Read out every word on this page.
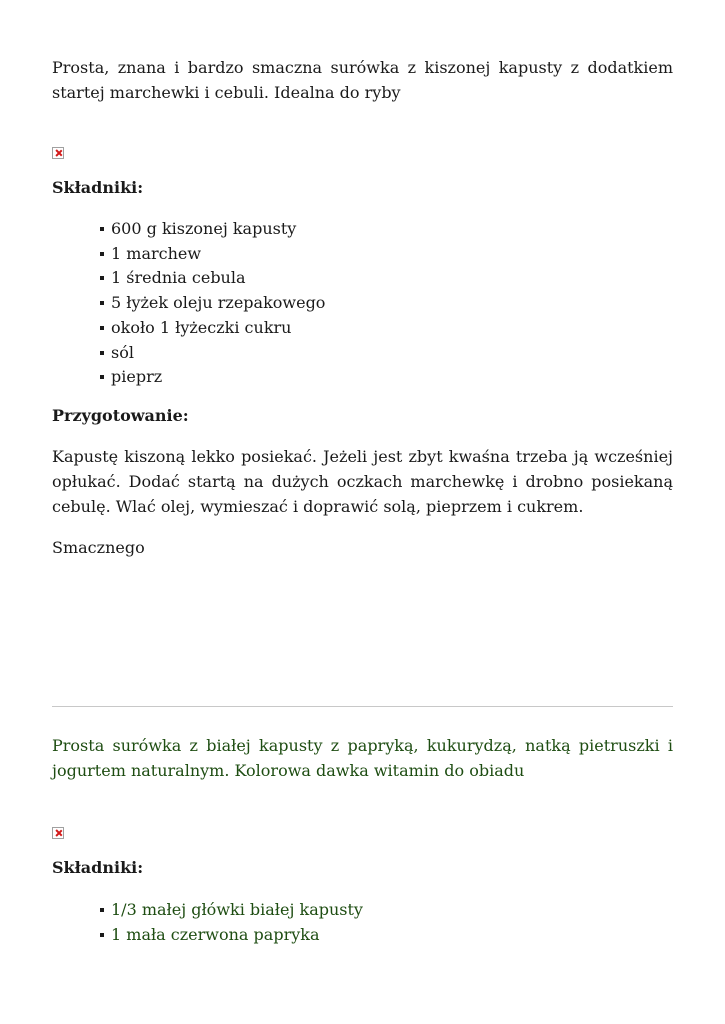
Prosta, znana i bardzo smaczna surówka z kiszonej kapusty z dodatkiem startej marchewki i cebuli. Idealna do ryby

Składniki:
600 g kiszonej kapusty
1 marchew
1 średnia cebula
5 łyżek oleju rzepakowego
około 1 łyżeczki cukru
sól
pieprz
Przygotowanie:

Kapustę kiszoną lekko posiekać. Jeżeli jest zbyt kwaśna trzeba ją wcześniej opłukać. Dodać startą na dużych oczkach marchewkę i drobno posiekaną cebulę. Wlać olej, wymieszać i doprawić solą, pieprzem i cukrem.

Smacznego

Prosta surówka z białej kapusty z papryką, kukurydzą, natką pietruszki i jogurtem naturalnym. Kolorowa dawka witamin do obiadu

Składniki:
1/3 małej główki białej kapusty
1 mała czerwona papryka
